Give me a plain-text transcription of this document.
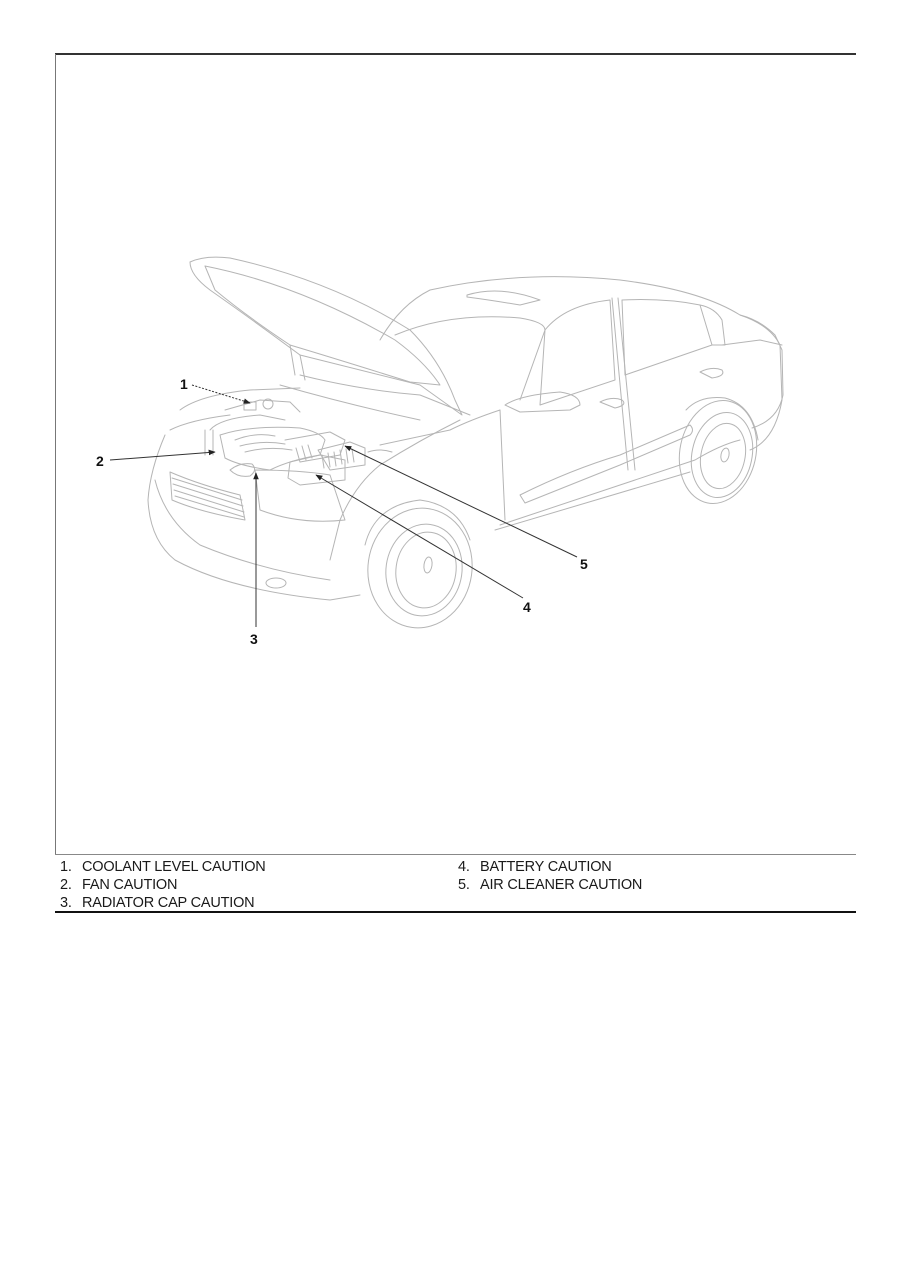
1
2
3
4
5
1. COOLANT LEVEL CAUTION
2. FAN CAUTION
3. RADIATOR CAP CAUTION
4. BATTERY CAUTION
5. AIR CLEANER CAUTION
